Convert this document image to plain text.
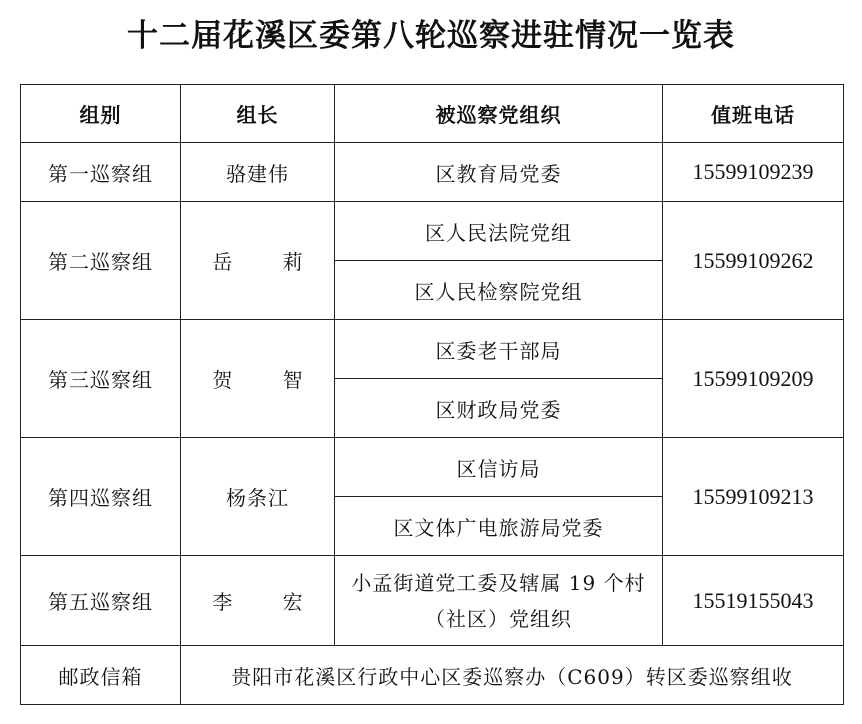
十二届花溪区委第八轮巡察进驻情况一览表
组别	组长	被巡察党组织	值班电话
第一巡察组	骆建伟	区教育局党委	15599109239
第二巡察组	岳 莉	区人民法院党组	15599109262
		区人民检察院党组	
第三巡察组	贺 智	区委老干部局	15599109209
		区财政局党委	
第四巡察组	杨条江	区信访局	15599109213
		区文体广电旅游局党委	
第五巡察组	李 宏	小孟街道党工委及辖属 19 个村（社区）党组织	15519155043
邮政信箱	贵阳市花溪区行政中心区委巡察办（C609）转区委巡察组收		
